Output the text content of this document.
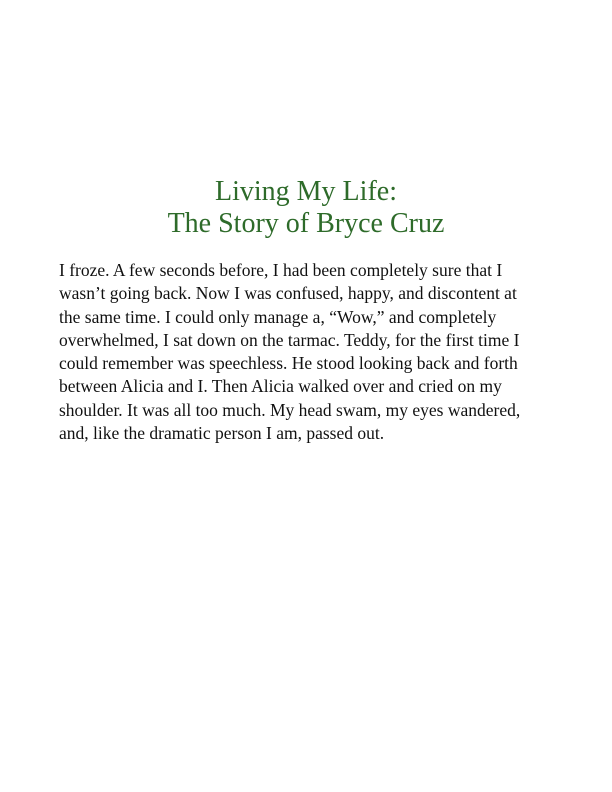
Living My Life:
The Story of Bryce Cruz
I froze. A few seconds before, I had been completely sure that I
wasn’t going back. Now I was confused, happy, and discontent at
the same time. I could only manage a, “Wow,” and completely
overwhelmed, I sat down on the tarmac. Teddy, for the first time I
could remember was speechless. He stood looking back and forth
between Alicia and I. Then Alicia walked over and cried on my
shoulder. It was all too much. My head swam, my eyes wandered,
and, like the dramatic person I am, passed out.
